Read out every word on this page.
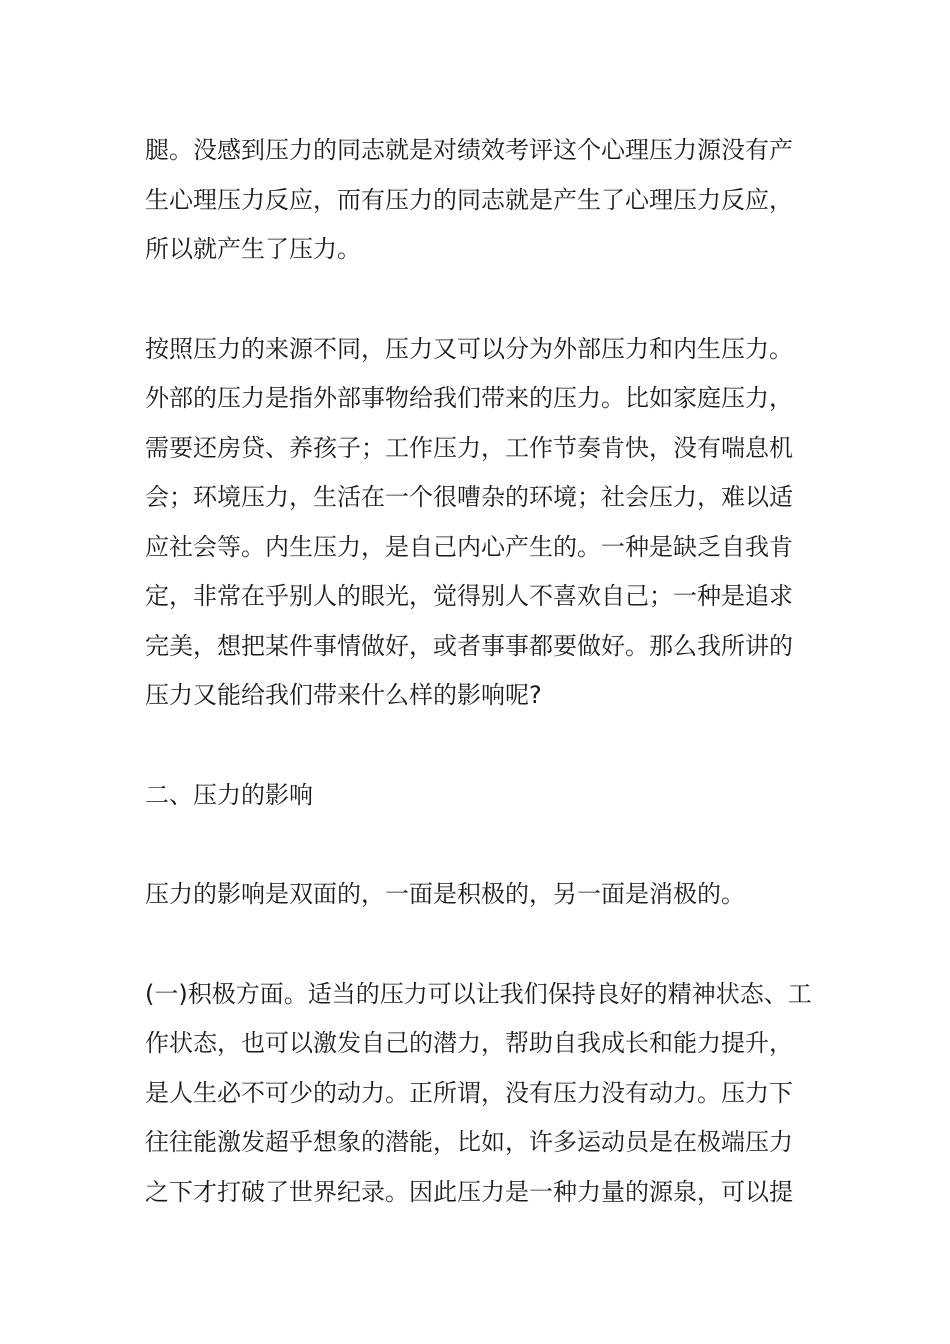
腿。没感到压力的同志就是对绩效考评这个心理压力源没有产
生心理压力反应，而有压力的同志就是产生了心理压力反应，
所以就产生了压力。
按照压力的来源不同，压力又可以分为外部压力和内生压力。
外部的压力是指外部事物给我们带来的压力。比如家庭压力，
需要还房贷、养孩子；工作压力，工作节奏肯快，没有喘息机
会；环境压力，生活在一个很嘈杂的环境；社会压力，难以适
应社会等。内生压力，是自己内心产生的。一种是缺乏自我肯
定，非常在乎别人的眼光，觉得别人不喜欢自己；一种是追求
完美，想把某件事情做好，或者事事都要做好。那么我所讲的
压力又能给我们带来什么样的影响呢?
二、压力的影响
压力的影响是双面的，一面是积极的，另一面是消极的。
(一)积极方面。适当的压力可以让我们保持良好的精神状态、工
作状态，也可以激发自己的潜力，帮助自我成长和能力提升，
是人生必不可少的动力。正所谓，没有压力没有动力。压力下
往往能激发超乎想象的潜能，比如，许多运动员是在极端压力
之下才打破了世界纪录。因此压力是一种力量的源泉，可以提
